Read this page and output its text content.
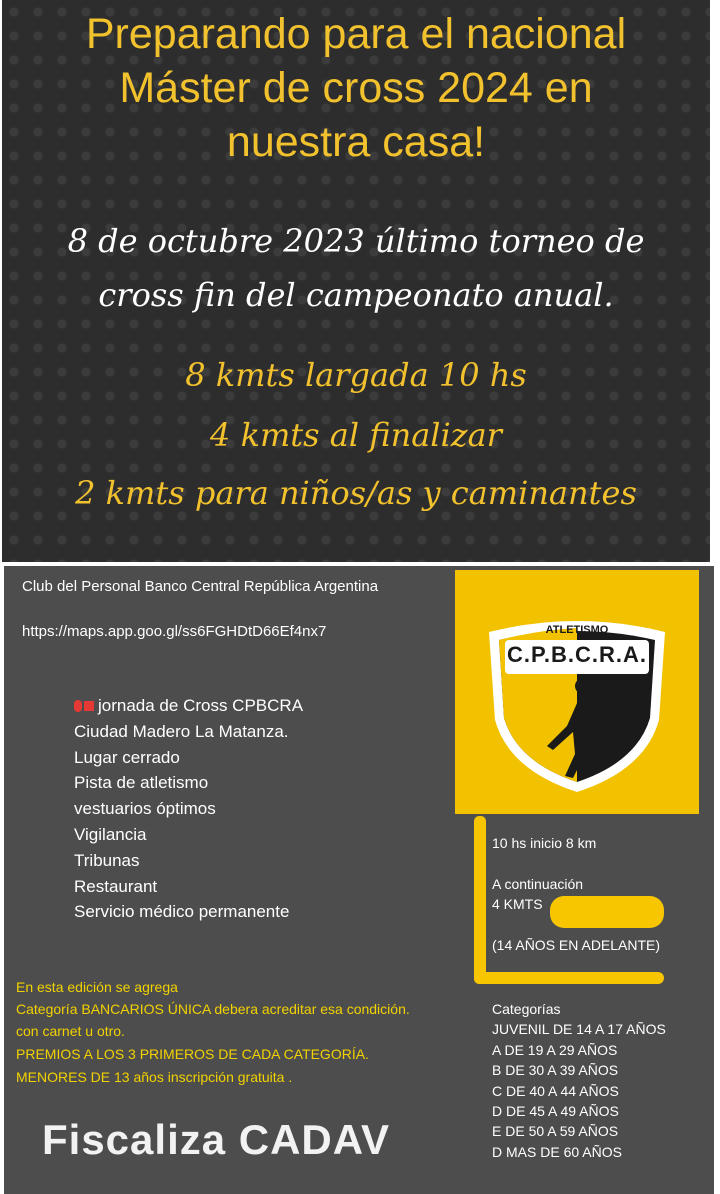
Preparando para el nacional
Máster de cross 2024 en
nuestra casa!
8 de octubre 2023 último torneo de
cross fin del campeonato anual.
8 kmts largada 10 hs
4 kmts al finalizar
2 kmts para niños/as y caminantes
Club del Personal Banco Central República Argentina
https://maps.app.goo.gl/ss6FGHDtD66Ef4nx7
jornada de Cross CPBCRA
Ciudad Madero La Matanza.
Lugar cerrado
Pista de atletismo
vestuarios óptimos
Vigilancia
Tribunas
Restaurant
Servicio médico permanente
En esta edición se agrega
Categoría BANCARIOS ÚNICA debera acreditar esa condición.
con carnet u otro.
PREMIOS A LOS 3 PRIMEROS DE CADA CATEGORÍA.
MENORES DE 13 años inscripción gratuita .
Fiscaliza CADAV
ATLETISMO
C.P.B.C.R.A.
10 hs inicio 8 km
A continuación
4 KMTS
(14 AÑOS EN ADELANTE)
Categorías
JUVENIL DE 14 A 17 AÑOS
A DE 19 A 29 AÑOS
B DE 30 A 39 AÑOS
C DE 40 A 44 AÑOS
D DE 45 A 49 AÑOS
E DE 50 A 59 AÑOS
D MAS DE 60 AÑOS
